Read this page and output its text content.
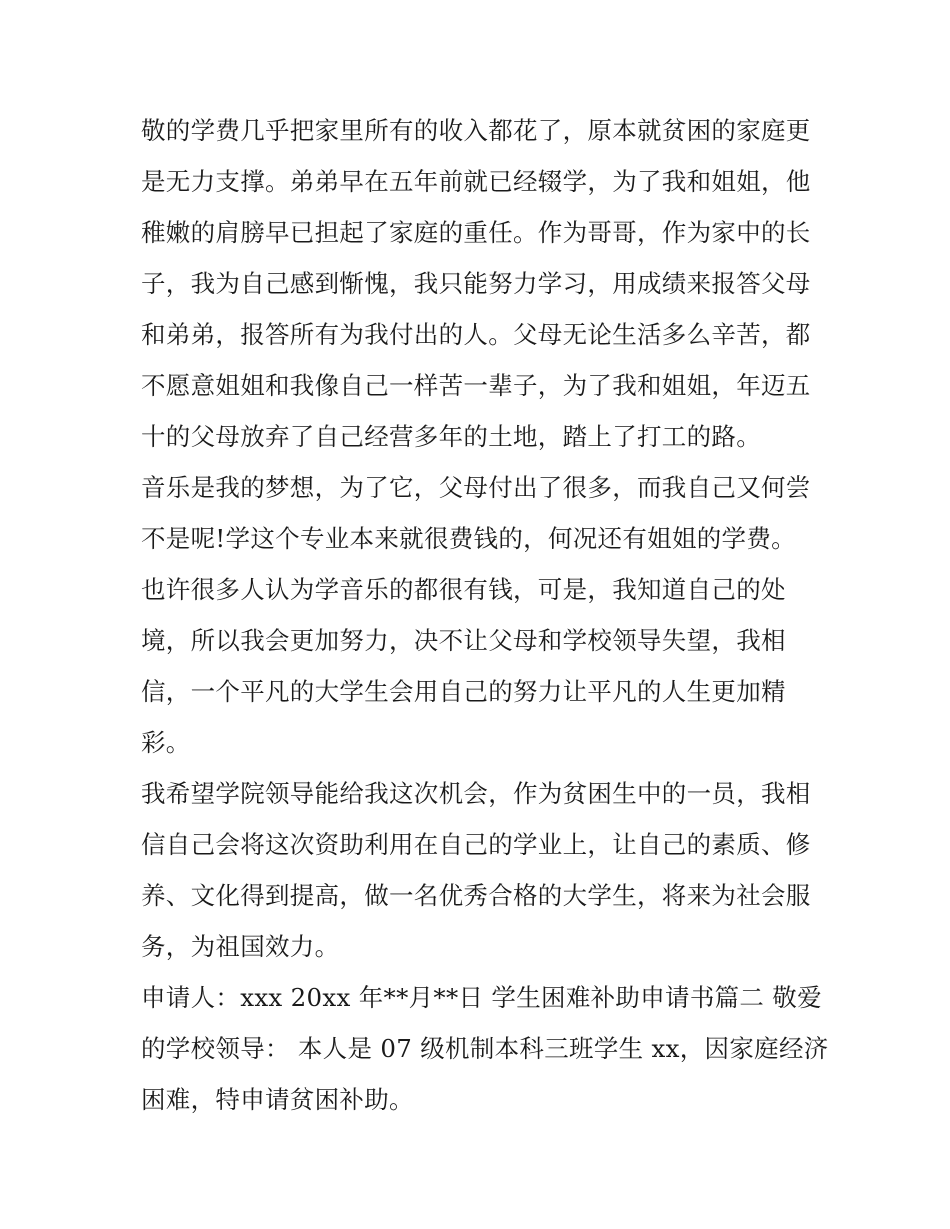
敬的学费几乎把家里所有的收入都花了，原本就贫困的家庭更
是无力支撑。弟弟早在五年前就已经辍学，为了我和姐姐，他
稚嫩的肩膀早已担起了家庭的重任。作为哥哥，作为家中的长
子，我为自己感到惭愧，我只能努力学习，用成绩来报答父母
和弟弟，报答所有为我付出的人。父母无论生活多么辛苦，都
不愿意姐姐和我像自己一样苦一辈子，为了我和姐姐，年迈五
十的父母放弃了自己经营多年的土地，踏上了打工的路。
音乐是我的梦想，为了它，父母付出了很多，而我自己又何尝
不是呢!学这个专业本来就很费钱的，何况还有姐姐的学费。
也许很多人认为学音乐的都很有钱，可是，我知道自己的处
境，所以我会更加努力，决不让父母和学校领导失望，我相
信，一个平凡的大学生会用自己的努力让平凡的人生更加精
彩。
我希望学院领导能给我这次机会，作为贫困生中的一员，我相
信自己会将这次资助利用在自己的学业上，让自己的素质、修
养、文化得到提高，做一名优秀合格的大学生，将来为社会服
务，为祖国效力。
申请人：xxx 20xx 年**月**日 学生困难补助申请书篇二 敬爱
的学校领导： 本人是 07 级机制本科三班学生 xx，因家庭经济
困难，特申请贫困补助。
